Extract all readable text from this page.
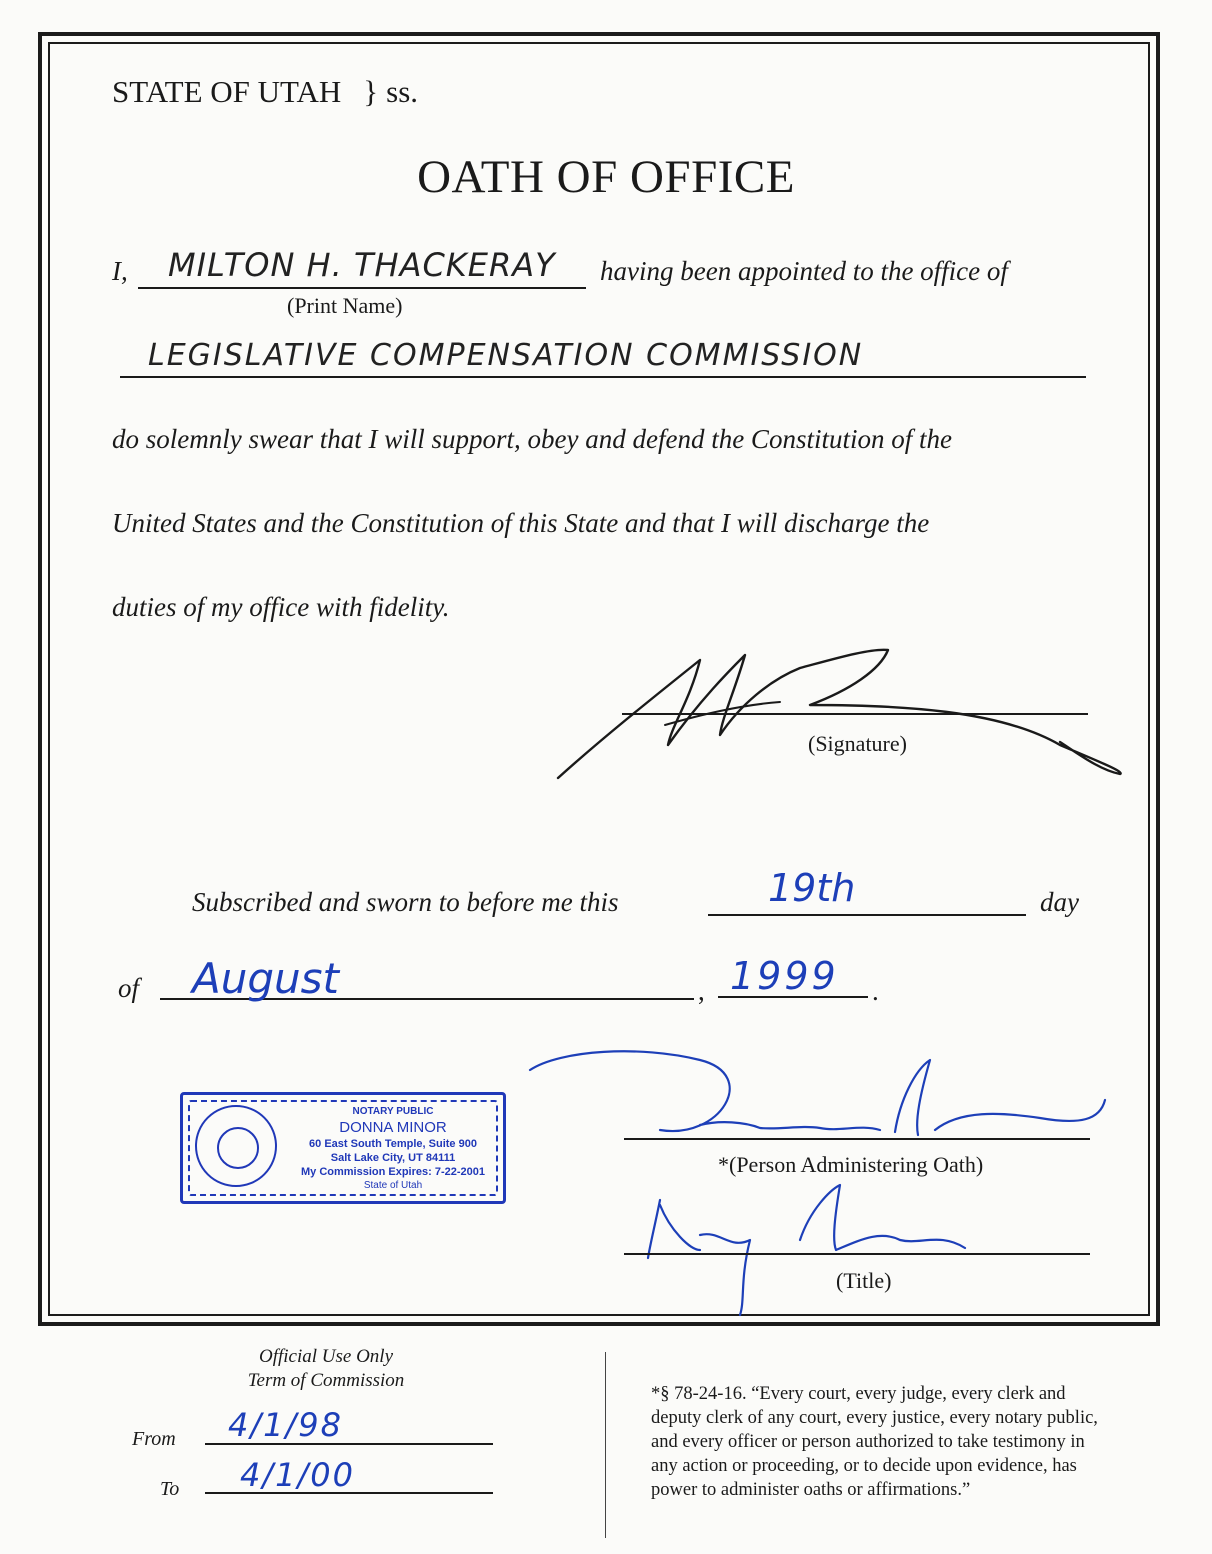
STATE OF UTAH } ss.
OATH OF OFFICE
I, MILTON H. THACKERAY
(Print Name)
having been appointed to the office of
LEGISLATIVE COMPENSATION COMMISSION
do solemnly swear that I will support, obey and defend the Constitution of the
United States and the Constitution of this State and that I will discharge the
duties of my office with fidelity.
(Signature)
Subscribed and sworn to before me this	19th	day
of August	, 1999 .
NOTARY PUBLIC
DONNA MINOR
60 East South Temple, Suite 900
Salt Lake City, UT 84111
My Commission Expires: 7-22-2001
State of Utah
*(Person Administering Oath)
(Title)
Official Use Only
Term of Commission
From 4/1/98
To 4/1/00
*§ 78-24-16. “Every court, every judge, every clerk and
deputy clerk of any court, every justice, every notary public,
and every officer or person authorized to take testimony in
any action or proceeding, or to decide upon evidence, has
power to administer oaths or affirmations.”
